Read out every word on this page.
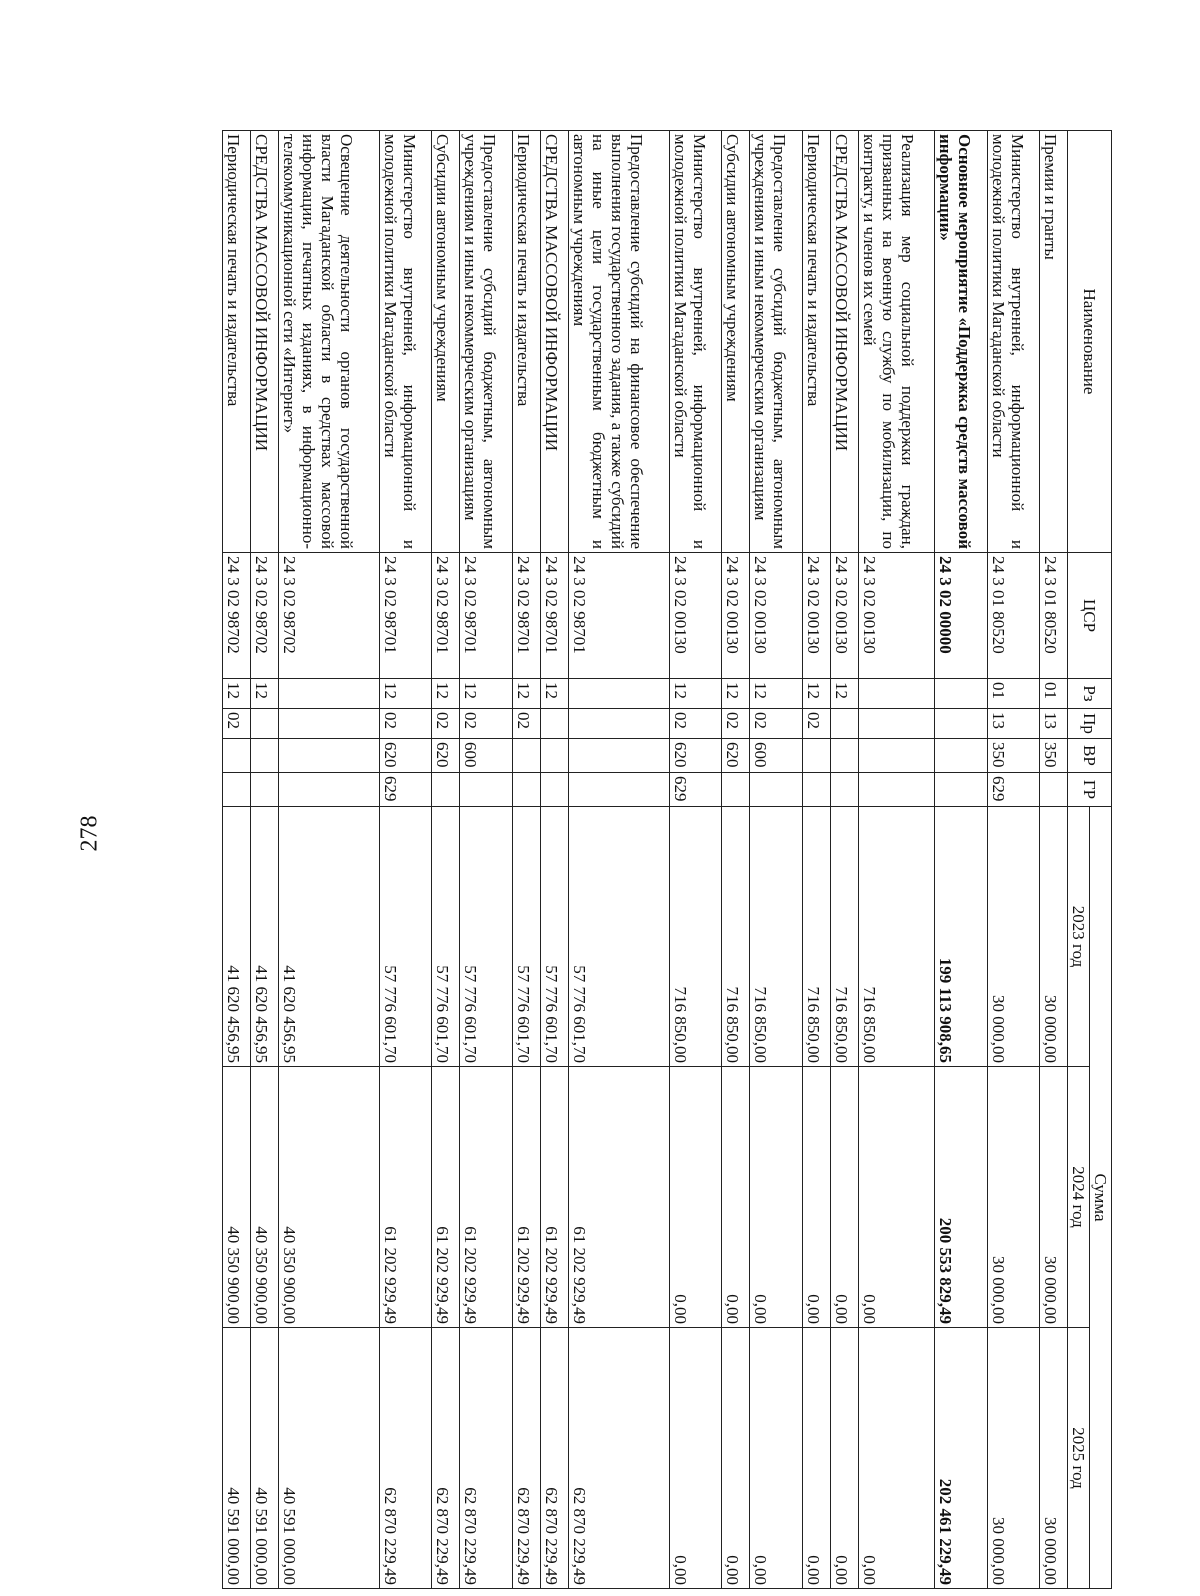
278
Наименование	ЦСР	Рз	Пр	ВР	ГР	Сумма		
						2023 год	2024 год	2025 год
Премии и гранты	24 3 01 80520	01	13	350		30 000,00	30 000,00	30 000,00
Министерство внутренней, информационной и молодежной политики Магаданской области	24 3 01 80520	01	13	350	629	30 000,00	30 000,00	30 000,00
Основное мероприятие «Поддержка средств массовой информации»	24 3 02 00000					199 113 908,65	200 553 829,49	202 461 229,49
Реализация мер социальной поддержки граждан, призванных на военную службу по мобилизации, по контракту, и членов их семей	24 3 02 00130					716 850,00	0,00	0,00
СРЕДСТВА МАССОВОЙ ИНФОРМАЦИИ	24 3 02 00130	12				716 850,00	0,00	0,00
Периодическая печать и издательства	24 3 02 00130	12	02			716 850,00	0,00	0,00
Предоставление субсидий бюджетным, автономным учреждениям и иным некоммерческим организациям	24 3 02 00130	12	02	600		716 850,00	0,00	0,00
Субсидии автономным учреждениям	24 3 02 00130	12	02	620		716 850,00	0,00	0,00
Министерство внутренней, информационной и молодежной политики Магаданской области	24 3 02 00130	12	02	620	629	716 850,00	0,00	0,00
Предоставление субсидий на финансовое обеспечение выполнения государственного задания, а также субсидий на иные цели государственным бюджетным и автономным учреждениям	24 3 02 98701					57 776 601,70	61 202 929,49	62 870 229,49
СРЕДСТВА МАССОВОЙ ИНФОРМАЦИИ	24 3 02 98701	12				57 776 601,70	61 202 929,49	62 870 229,49
Периодическая печать и издательства	24 3 02 98701	12	02			57 776 601,70	61 202 929,49	62 870 229,49
Предоставление субсидий бюджетным, автономным учреждениям и иным некоммерческим организациям	24 3 02 98701	12	02	600		57 776 601,70	61 202 929,49	62 870 229,49
Субсидии автономным учреждениям	24 3 02 98701	12	02	620		57 776 601,70	61 202 929,49	62 870 229,49
Министерство внутренней, информационной и молодежной политики Магаданской области	24 3 02 98701	12	02	620	629	57 776 601,70	61 202 929,49	62 870 229,49
Освещение деятельности органов государственной власти Магаданской области в средствах массовой информации, печатных изданиях, в информационно-телекоммуникационной сети «Интернет»	24 3 02 98702					41 620 456,95	40 350 900,00	40 591 000,00
СРЕДСТВА МАССОВОЙ ИНФОРМАЦИИ	24 3 02 98702	12				41 620 456,95	40 350 900,00	40 591 000,00
Периодическая печать и издательства	24 3 02 98702	12	02			41 620 456,95	40 350 900,00	40 591 000,00
